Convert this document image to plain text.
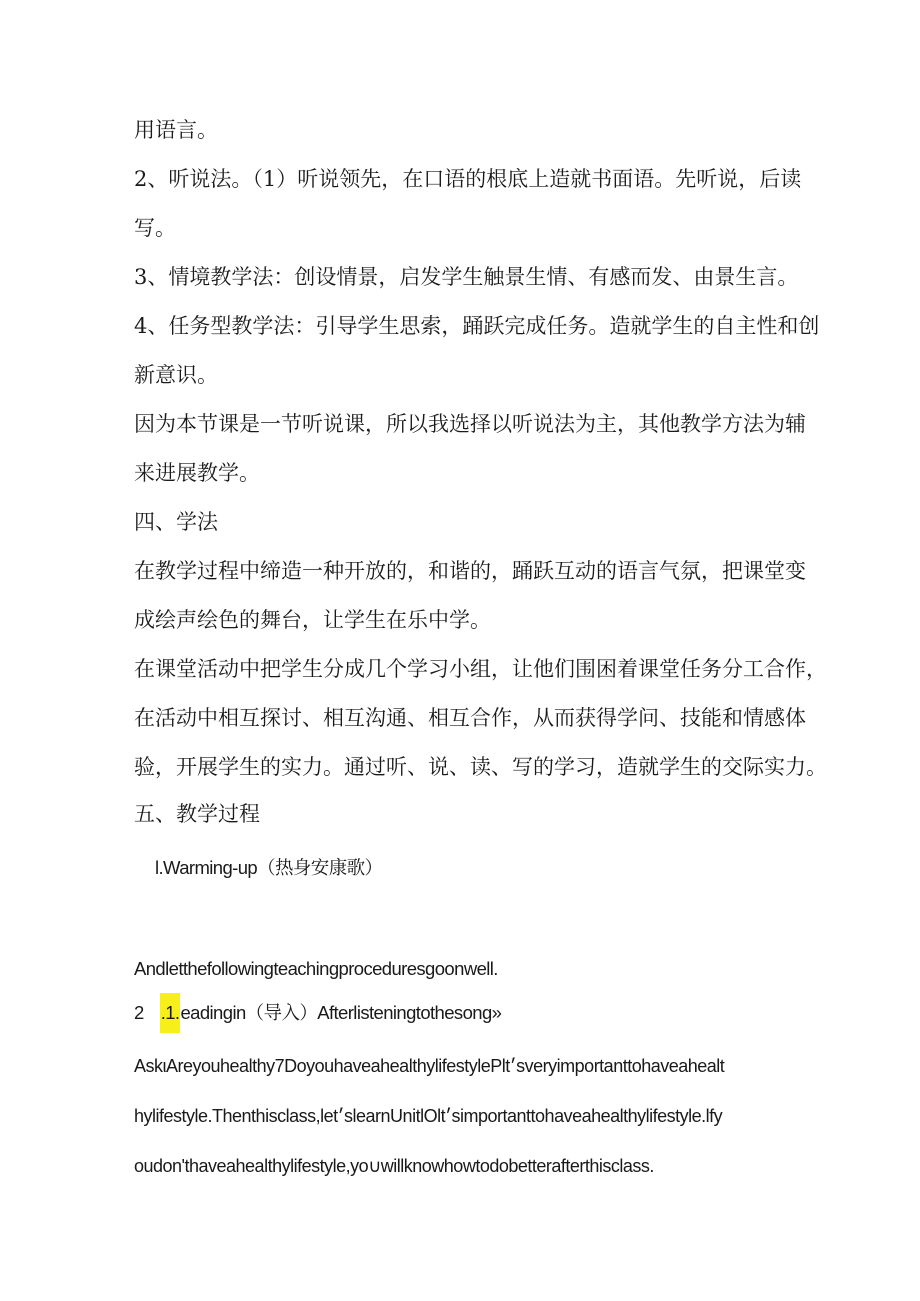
用语言。

2、听说法。（1）听说领先，在口语的根底上造就书面语。先听说，后读

写。

3、情境教学法：创设情景，启发学生触景生情、有感而发、由景生言。

4、任务型教学法：引导学生思索，踊跃完成任务。造就学生的自主性和创

新意识。

因为本节课是一节听说课，所以我选择以听说法为主，其他教学方法为辅

来进展教学。

四、学法

在教学过程中缔造一种开放的，和谐的，踊跃互动的语言气氛，把课堂变

成绘声绘色的舞台，让学生在乐中学。

在课堂活动中把学生分成几个学习小组，让他们围困着课堂任务分工合作，

在活动中相互探讨、相互沟通、相互合作，从而获得学问、技能和情感体

验，开展学生的实力。通过听、说、读、写的学习，造就学生的交际实力。

五、教学过程

l.Warming-up（热身安康歌）

Andletthefollowingteachingproceduresgoonwell.

2 .1.eadingin（导入）Afterlisteningtothesong»

AskιAreyouhealthy7DoyouhaveahealthylifestylePlt׳sveryimportanttohaveahealt

hylifestyle.Thenthisclass,let׳slearnUnitlOlt׳simportanttohaveahealthylifestyle.lfy

oudon'thaveahealthylifestyle,yo∪willknowhowtodobetterafterthisclass.
